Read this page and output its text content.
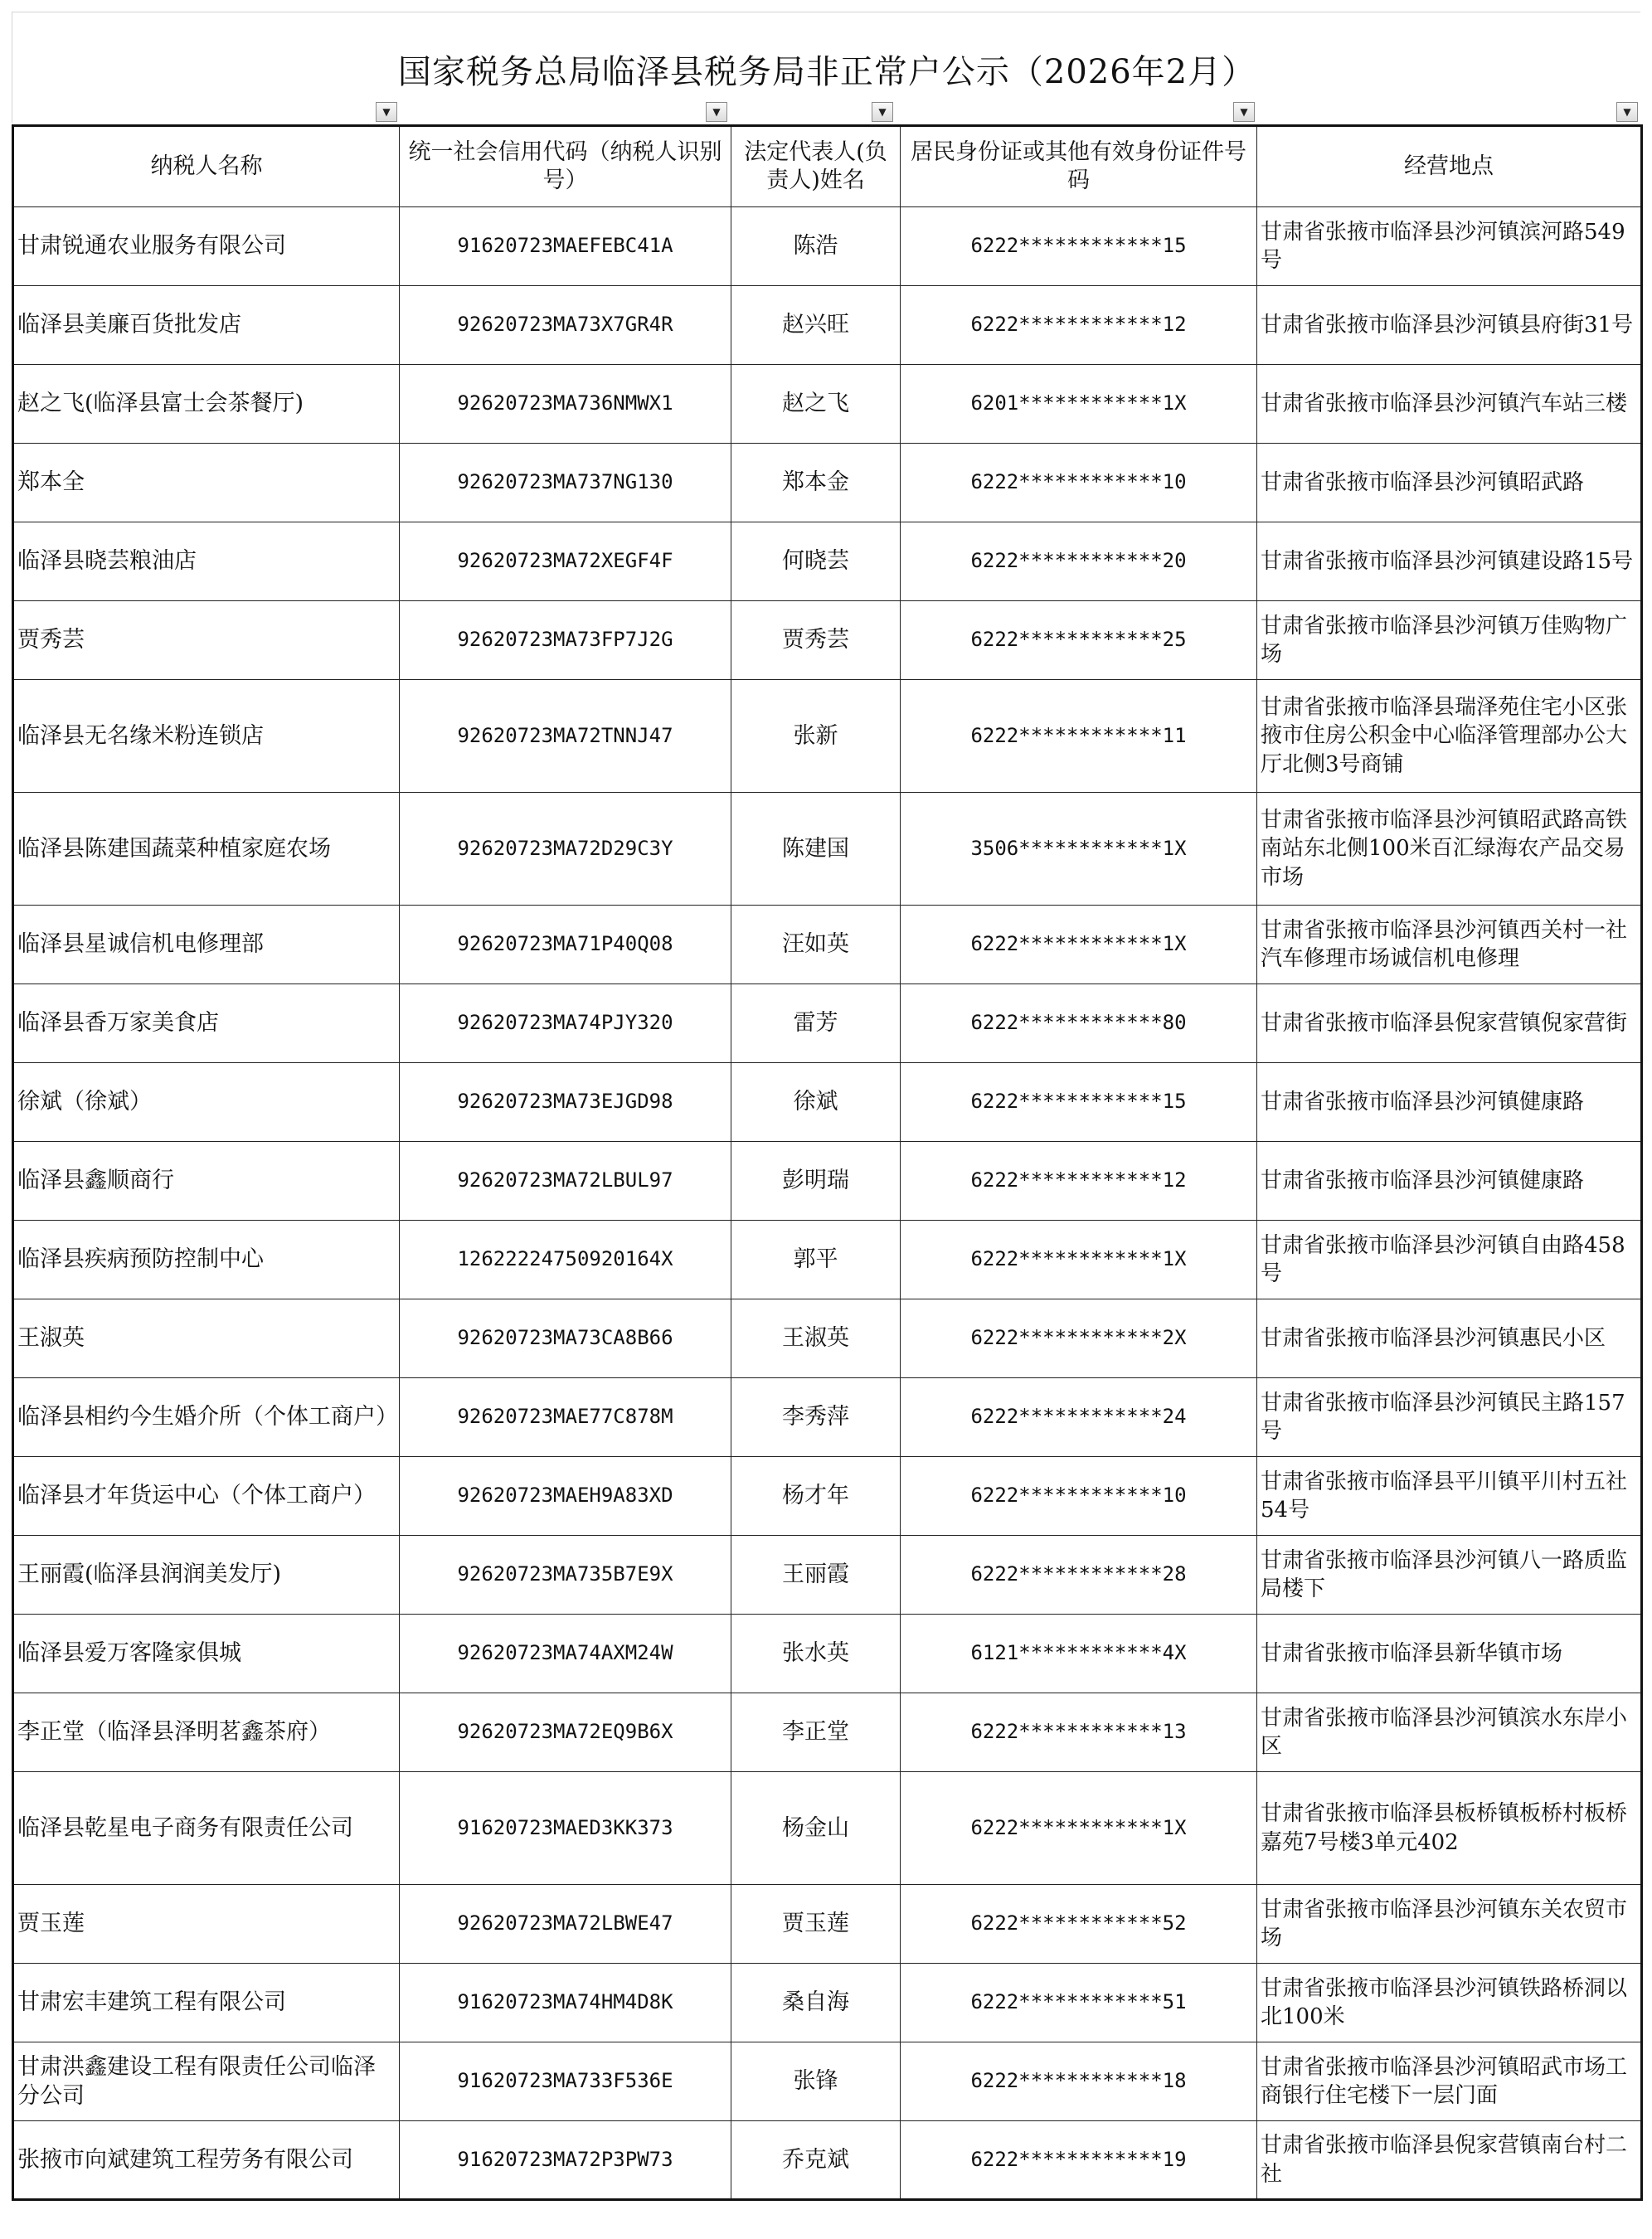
国家税务总局临泽县税务局非正常户公示（2026年2月）
▼	▼	▼	▼	▼
纳税人名称	统一社会信用代码（纳税人识别号）	法定代表人(负责人)姓名	居民身份证或其他有效身份证件号码	经营地点
甘肃锐通农业服务有限公司	91620723MAEFEBC41A	陈浩	6222************15	甘肃省张掖市临泽县沙河镇滨河路549号
临泽县美廉百货批发店	92620723MA73X7GR4R	赵兴旺	6222************12	甘肃省张掖市临泽县沙河镇县府街31号
赵之飞(临泽县富士会茶餐厅)	92620723MA736NMWX1	赵之飞	6201************1X	甘肃省张掖市临泽县沙河镇汽车站三楼
郑本全	92620723MA737NG130	郑本金	6222************10	甘肃省张掖市临泽县沙河镇昭武路
临泽县晓芸粮油店	92620723MA72XEGF4F	何晓芸	6222************20	甘肃省张掖市临泽县沙河镇建设路15号
贾秀芸	92620723MA73FP7J2G	贾秀芸	6222************25	甘肃省张掖市临泽县沙河镇万佳购物广场
临泽县无名缘米粉连锁店	92620723MA72TNNJ47	张新	6222************11	甘肃省张掖市临泽县瑞泽苑住宅小区张掖市住房公积金中心临泽管理部办公大厅北侧3号商铺
临泽县陈建国蔬菜种植家庭农场	92620723MA72D29C3Y	陈建国	3506************1X	甘肃省张掖市临泽县沙河镇昭武路高铁南站东北侧100米百汇绿海农产品交易市场
临泽县星诚信机电修理部	92620723MA71P40Q08	汪如英	6222************1X	甘肃省张掖市临泽县沙河镇西关村一社汽车修理市场诚信机电修理
临泽县香万家美食店	92620723MA74PJY320	雷芳	6222************80	甘肃省张掖市临泽县倪家营镇倪家营街
徐斌（徐斌）	92620723MA73EJGD98	徐斌	6222************15	甘肃省张掖市临泽县沙河镇健康路
临泽县鑫顺商行	92620723MA72LBUL97	彭明瑞	6222************12	甘肃省张掖市临泽县沙河镇健康路
临泽县疾病预防控制中心	12622224750920164X	郭平	6222************1X	甘肃省张掖市临泽县沙河镇自由路458号
王淑英	92620723MA73CA8B66	王淑英	6222************2X	甘肃省张掖市临泽县沙河镇惠民小区
临泽县相约今生婚介所（个体工商户）	92620723MAE77C878M	李秀萍	6222************24	甘肃省张掖市临泽县沙河镇民主路157号
临泽县才年货运中心（个体工商户）	92620723MAEH9A83XD	杨才年	6222************10	甘肃省张掖市临泽县平川镇平川村五社54号
王丽霞(临泽县润润美发厅)	92620723MA735B7E9X	王丽霞	6222************28	甘肃省张掖市临泽县沙河镇八一路质监局楼下
临泽县爱万客隆家俱城	92620723MA74AXM24W	张水英	6121************4X	甘肃省张掖市临泽县新华镇市场
李正堂（临泽县泽明茗鑫茶府）	92620723MA72EQ9B6X	李正堂	6222************13	甘肃省张掖市临泽县沙河镇滨水东岸小区
临泽县乾星电子商务有限责任公司	91620723MAED3KK373	杨金山	6222************1X	甘肃省张掖市临泽县板桥镇板桥村板桥嘉苑7号楼3单元402
贾玉莲	92620723MA72LBWE47	贾玉莲	6222************52	甘肃省张掖市临泽县沙河镇东关农贸市场
甘肃宏丰建筑工程有限公司	91620723MA74HM4D8K	桑自海	6222************51	甘肃省张掖市临泽县沙河镇铁路桥洞以北100米
甘肃洪鑫建设工程有限责任公司临泽分公司	91620723MA733F536E	张锋	6222************18	甘肃省张掖市临泽县沙河镇昭武市场工商银行住宅楼下一层门面
张掖市向斌建筑工程劳务有限公司	91620723MA72P3PW73	乔克斌	6222************19	甘肃省张掖市临泽县倪家营镇南台村二社
